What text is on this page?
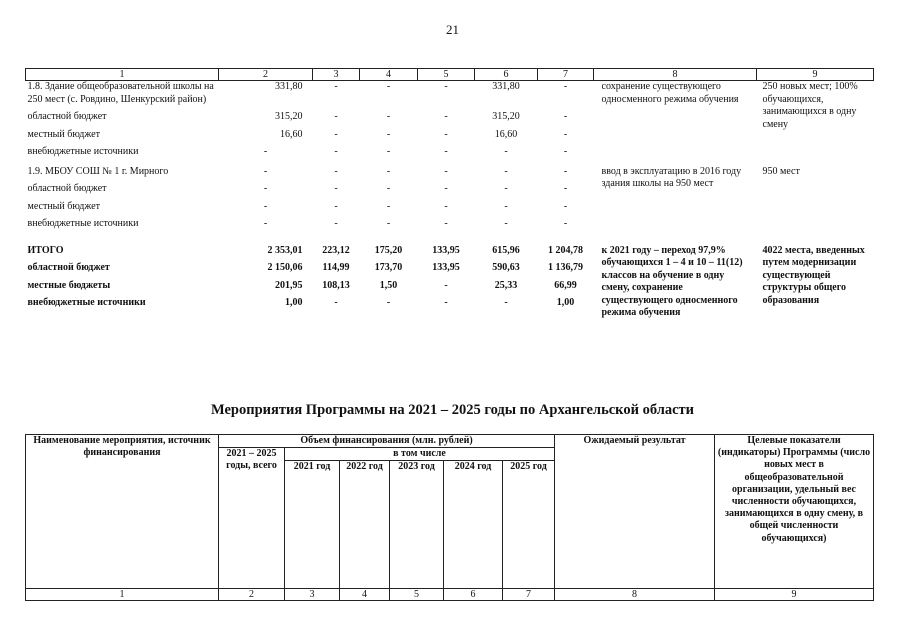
21
1	2	3	4	5	6	7	8	9
1.8. Здание общеобразовательной школы на 250 мест (с. Ровдино, Шенкурский район)	331,80	-	-	-	331,80	-	сохранение существующего односменного режима обучения	250 новых мест; 100% обучающихся, занимающихся в одну смену
областной бюджет	315,20	-	-	-	315,20	-		
местный бюджет	16,60	-	-	-	16,60	-		
внебюджетные источники	-	-	-	-	-	-		

1.9. МБОУ СОШ № 1 г. Мирного	-	-	-	-	-	-	ввод в эксплуатацию в 2016 году здания школы на 950 мест	950 мест
областной бюджет	-	-	-	-	-	-		
местный бюджет	-	-	-	-	-	-		
внебюджетные источники	-	-	-	-	-	-		

ИТОГО	2 353,01	223,12	175,20	133,95	615,96	1 204,78	к 2021 году – переход 97,9% обучающихся 1 – 4 и 10 – 11(12) классов на обучение в одну смену, сохранение существующего односменного режима обучения	4022 места, введенных путем модернизации существующей структуры общего образования
областной бюджет	2 150,06	114,99	173,70	133,95	590,63	1 136,79		
местные бюджеты	201,95	108,13	1,50	-	25,33	66,99		
внебюджетные источники	1,00	-	-	-	-	1,00		
Мероприятия Программы на 2021 – 2025 годы по Архангельской области
Наименование мероприятия, источник финансирования	Объем финансирования (млн. рублей)						Ожидаемый результат	Целевые показатели (индикаторы) Программы (число новых мест в общеобразовательной организации, удельный вес численности обучающихся, занимающихся в одну смену, в общей численности обучающихся)
	2021 – 2025 годы, всего	в том числе						
		2021 год	2022 год	2023 год	2024 год	2025 год		
1	2	3	4	5	6	7	8	9
